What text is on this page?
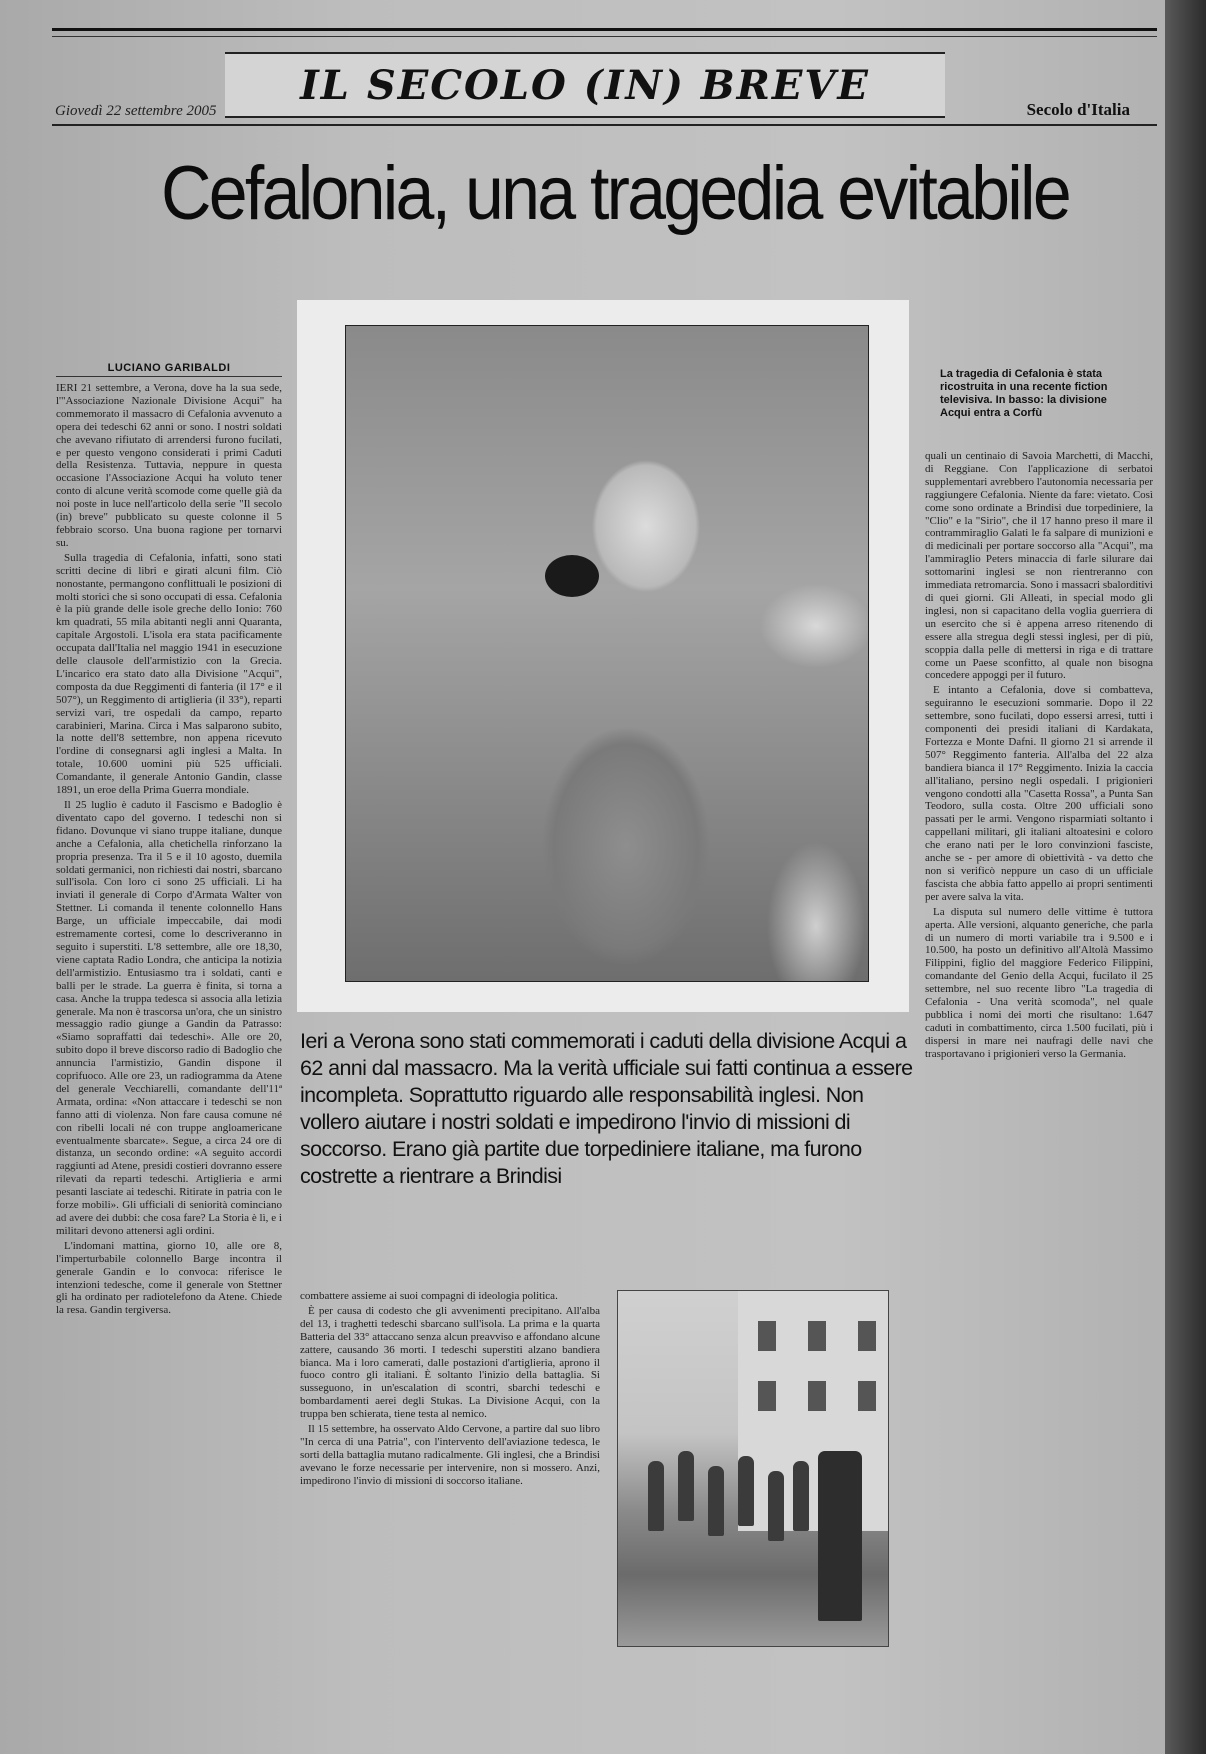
IL SECOLO (IN) BREVE
Giovedì 22 settembre 2005	Secolo d'Italia
Cefalonia, una tragedia evitabile
LUCIANO GARIBALDI

IERI 21 settembre, a Verona, dove ha la sua sede, l'"Associazione Nazionale Divisione Acqui" ha commemorato il massacro di Cefalonia avvenuto a opera dei tedeschi 62 anni or sono. I nostri soldati che avevano rifiutato di arrendersi furono fucilati, e per questo vengono considerati i primi Caduti della Resistenza. Tuttavia, neppure in questa occasione l'Associazione Acqui ha voluto tener conto di alcune verità scomode come quelle già da noi poste in luce nell'articolo della serie "Il secolo (in) breve" pubblicato su queste colonne il 5 febbraio scorso. Una buona ragione per tornarvi su.

Sulla tragedia di Cefalonia, infatti, sono stati scritti decine di libri e girati alcuni film. Ciò nonostante, permangono conflittuali le posizioni di molti storici che si sono occupati di essa. Cefalonia è la più grande delle isole greche dello Ionio: 760 km quadrati, 55 mila abitanti negli anni Quaranta, capitale Argostoli. L'isola era stata pacificamente occupata dall'Italia nel maggio 1941 in esecuzione delle clausole dell'armistizio con la Grecia. L'incarico era stato dato alla Divisione "Acqui", composta da due Reggimenti di fanteria (il 17° e il 507°), un Reggimento di artiglieria (il 33°), reparti servizi vari, tre ospedali da campo, reparto carabinieri, Marina. Circa i Mas salparono subito, la notte dell'8 settembre, non appena ricevuto l'ordine di consegnarsi agli inglesi a Malta. In totale, 10.600 uomini più 525 ufficiali. Comandante, il generale Antonio Gandin, classe 1891, un eroe della Prima Guerra mondiale.

Il 25 luglio è caduto il Fascismo e Badoglio è diventato capo del governo. I tedeschi non si fidano. Dovunque vi siano truppe italiane, dunque anche a Cefalonia, alla chetichella rinforzano la propria presenza. Tra il 5 e il 10 agosto, duemila soldati germanici, non richiesti dai nostri, sbarcano sull'isola. Con loro ci sono 25 ufficiali. Li ha inviati il generale di Corpo d'Armata Walter von Stettner. Li comanda il tenente colonnello Hans Barge, un ufficiale impeccabile, dai modi estremamente cortesi, come lo descriveranno in seguito i superstiti. L'8 settembre, alle ore 18,30, viene captata Radio Londra, che anticipa la notizia dell'armistizio. Entusiasmo tra i soldati, canti e balli per le strade. La guerra è finita, si torna a casa. Anche la truppa tedesca si associa alla letizia generale. Ma non è trascorsa un'ora, che un sinistro messaggio radio giunge a Gandin da Patrasso: «Siamo sopraffatti dai tedeschi». Alle ore 20, subito dopo il breve discorso radio di Badoglio che annuncia l'armistizio, Gandin dispone il coprifuoco. Alle ore 23, un radiogramma da Atene del generale Vecchiarelli, comandante dell'11ª Armata, ordina: «Non attaccare i tedeschi se non fanno atti di violenza. Non fare causa comune né con ribelli locali né con truppe angloamericane eventualmente sbarcate». Segue, a circa 24 ore di distanza, un secondo ordine: «A seguito accordi raggiunti ad Atene, presidi costieri dovranno essere rilevati da reparti tedeschi. Artiglieria e armi pesanti lasciate ai tedeschi. Ritirate in patria con le forze mobili». Gli ufficiali di seniorità cominciano ad avere dei dubbi: che cosa fare? La Storia è lì, e i militari devono attenersi agli ordini.

L'indomani mattina, giorno 10, alle ore 8, l'imperturbabile colonnello Barge incontra il generale Gandin e lo convoca: riferisce le intenzioni tedesche, come il generale von Stettner gli ha ordinato per radiotelefono da Atene. Chiede la resa. Gandin tergiversa.

La tragedia di Cefalonia è stata ricostruita in una recente fiction televisiva. In basso: la divisione Acqui entra a Corfù

quali un centinaio di Savoia Marchetti, di Macchi, di Reggiane. Con l'applicazione di serbatoi supplementari avrebbero l'autonomia necessaria per raggiungere Cefalonia. Niente da fare: vietato. Così come sono ordinate a Brindisi due torpediniere, la "Clio" e la "Sirio", che il 17 hanno preso il mare il contrammiraglio Galati le fa salpare di munizioni e di medicinali per portare soccorso alla "Acqui", ma l'ammiraglio Peters minaccia di farle silurare dai sottomarini inglesi se non rientreranno con immediata retromarcia. Sono i massacri sbalorditivi di quei giorni. Gli Alleati, in special modo gli inglesi, non si capacitano della voglia guerriera di un esercito che si è appena arreso ritenendo di essere alla stregua degli stessi inglesi, per di più, scoppia dalla pelle di mettersi in riga e di trattare come un Paese sconfitto, al quale non bisogna concedere appoggi per il futuro.

E intanto a Cefalonia, dove si combatteva, seguiranno le esecuzioni sommarie. Dopo il 22 settembre, sono fucilati, dopo essersi arresi, tutti i componenti dei presidi italiani di Kardakata, Fortezza e Monte Dafni. Il giorno 21 si arrende il 507° Reggimento fanteria. All'alba del 22 alza bandiera bianca il 17° Reggimento. Inizia la caccia all'italiano, persino negli ospedali. I prigionieri vengono condotti alla "Casetta Rossa", a Punta San Teodoro, sulla costa. Oltre 200 ufficiali sono passati per le armi. Vengono risparmiati soltanto i cappellani militari, gli italiani altoatesini e coloro che erano nati per le loro convinzioni fasciste, anche se - per amore di obiettività - va detto che non si verificò neppure un caso di un ufficiale fascista che abbia fatto appello ai propri sentimenti per avere salva la vita.

La disputa sul numero delle vittime è tuttora aperta. Alle versioni, alquanto generiche, che parla di un numero di morti variabile tra i 9.500 e i 10.500, ha posto un definitivo all'Altolà Massimo Filippini, figlio del maggiore Federico Filippini, comandante del Genio della Acqui, fucilato il 25 settembre, nel suo recente libro "La tragedia di Cefalonia - Una verità scomoda", nel quale pubblica i nomi dei morti che risultano: 1.647 caduti in combattimento, circa 1.500 fucilati, più i dispersi in mare nei naufragi delle navi che trasportavano i prigionieri verso la Germania.

Ieri a Verona sono stati commemorati i caduti della divisione Acqui a 62 anni dal massacro. Ma la verità ufficiale sui fatti continua a essere incompleta. Soprattutto riguardo alle responsabilità inglesi. Non vollero aiutare i nostri soldati e impedirono l'invio di missioni di soccorso. Erano già partite due torpediniere italiane, ma furono costrette a rientrare a Brindisi

combattere assieme ai suoi compagni di ideologia politica.

È per causa di codesto che gli avvenimenti precipitano. All'alba del 13, i traghetti tedeschi sbarcano sull'isola. La prima e la quarta Batteria del 33° attaccano senza alcun preavviso e affondano alcune zattere, causando 36 morti. I tedeschi superstiti alzano bandiera bianca. Ma i loro camerati, dalle postazioni d'artiglieria, aprono il fuoco contro gli italiani. È soltanto l'inizio della battaglia. Si susseguono, in un'escalation di scontri, sbarchi tedeschi e bombardamenti aerei degli Stukas. La Divisione Acqui, con la truppa ben schierata, tiene testa al nemico.

Il 15 settembre, ha osservato Aldo Cervone, a partire dal suo libro "In cerca di una Patria", con l'intervento dell'aviazione tedesca, le sorti della battaglia mutano radicalmente. Gli inglesi, che a Brindisi avevano le forze necessarie per intervenire, non si mossero. Anzi, impedirono l'invio di missioni di soccorso italiane.
